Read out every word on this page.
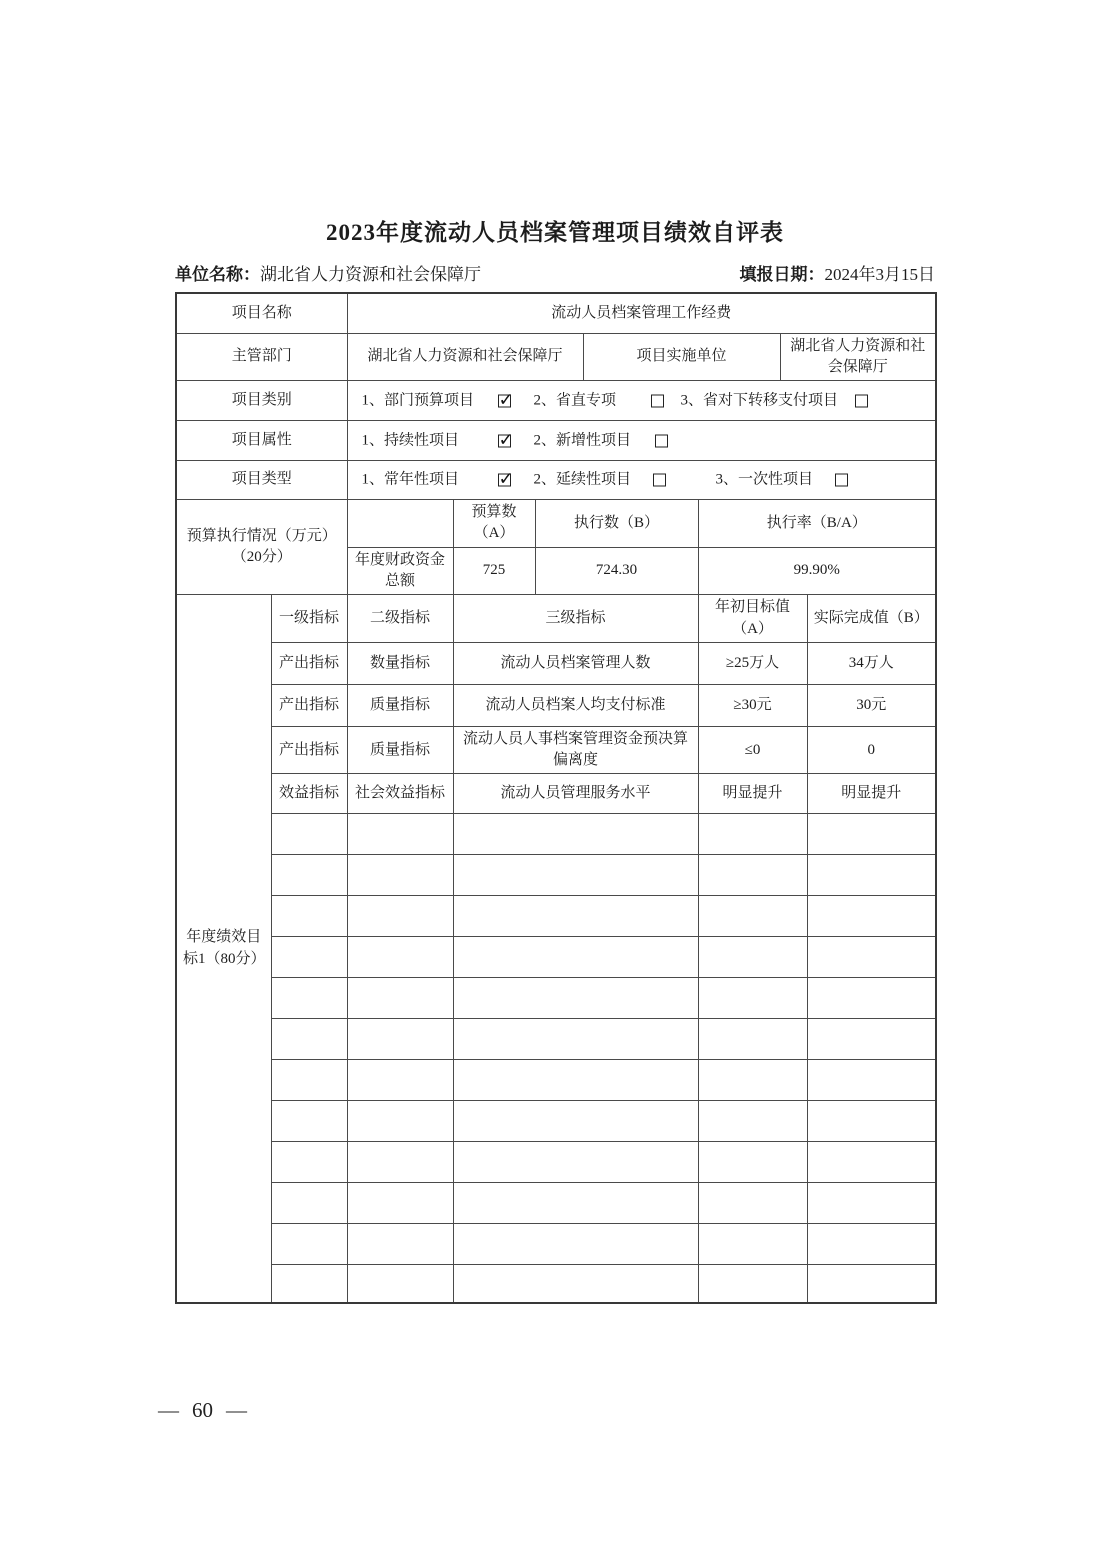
2023年度流动人员档案管理项目绩效自评表
单位名称：湖北省人力资源和社会保障厅	填报日期：2024年3月15日
项目名称		流动人员档案管理工作经费						
主管部门		湖北省人力资源和社会保障厅			项目实施单位		湖北省人力资源和社会保障厅	
项目类别		1、部门预算项目 ✓ 2、省直专项 3、省对下转移支付项目

项目属性		1、持续性项目 ✓ 2、新增性项目

项目类型		1、常年性项目 ✓ 2、延续性项目 3、一次性项目

预算执行情况（万元）（20分）			预算数（A）	执行数（B）		执行率（B/A）		
		年度财政资金总额	725	724.30		99.90%		
年度绩效目标1（80分）	一级指标	二级指标	三级指标			年初目标值（A）		实际完成值（B）
	产出指标	数量指标	流动人员档案管理人数			≥25万人		34万人
	产出指标	质量指标	流动人员档案人均支付标准			≥30元		30元
	产出指标	质量指标	流动人员人事档案管理资金预决算偏离度			≤0		0
	效益指标	社会效益指标	流动人员管理服务水平			明显提升		明显提升

— 60 —
